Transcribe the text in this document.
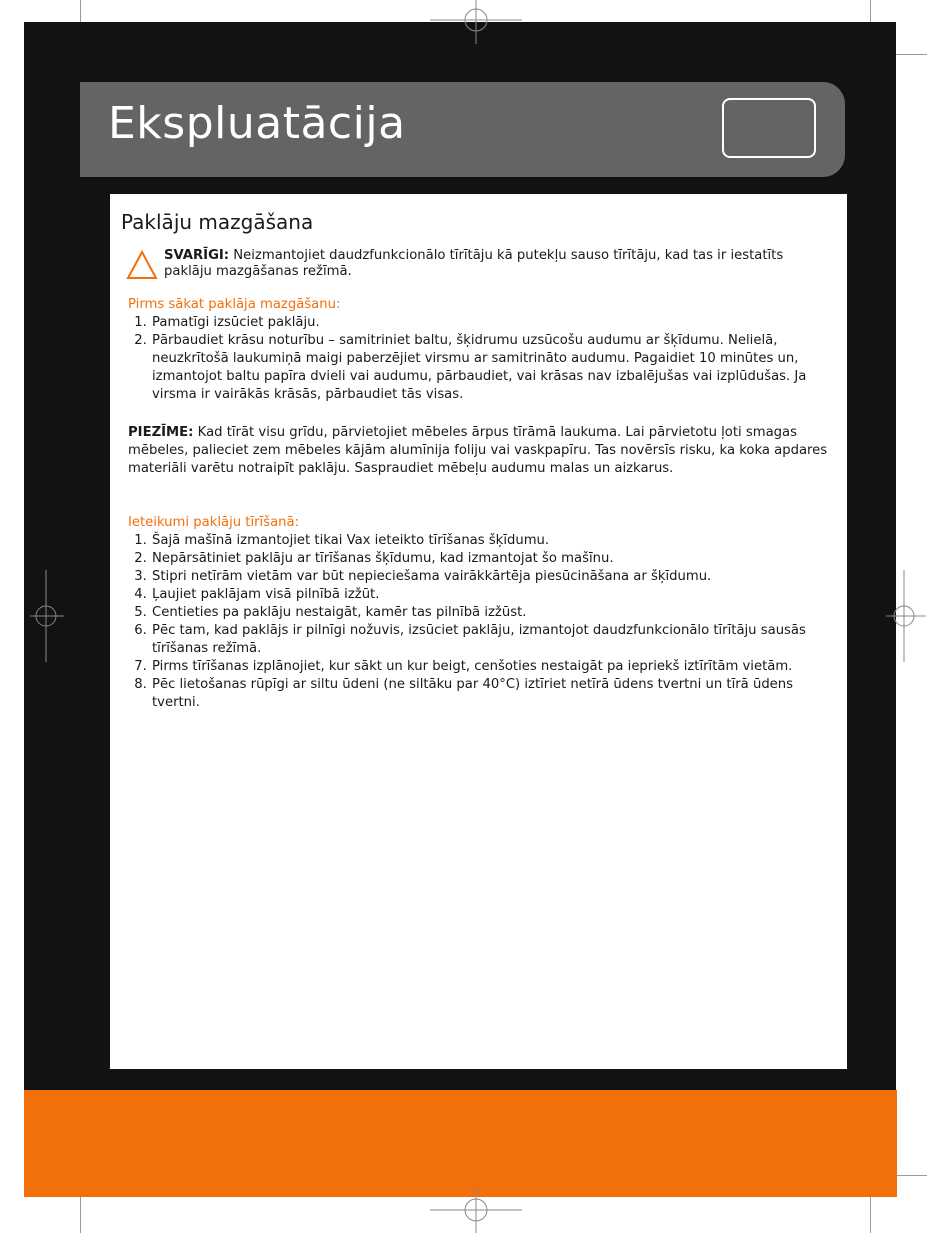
Ekspluatācija
Paklāju mazgāšana

SVARĪGI: Neizmantojiet daudzfunkcionālo tīrītāju kā putekļu sauso tīrītāju, kad tas ir iestatīts paklāju mazgāšanas režīmā.

Pirms sākat paklāja mazgāšanu:

1. Pamatīgi izsūciet paklāju.
2. Pārbaudiet krāsu noturību – samitriniet baltu, šķidrumu uzsūcošu audumu ar šķīdumu. Nelielā, neuzkrītošā laukumiņā maigi paberzējiet virsmu ar samitrināto audumu. Pagaidiet 10 minūtes un, izmantojot baltu papīra dvieli vai audumu, pārbaudiet, vai krāsas nav izbalējušas vai izplūdušas. Ja virsma ir vairākās krāsās, pārbaudiet tās visas.

PIEZĪME: Kad tīrāt visu grīdu, pārvietojiet mēbeles ārpus tīrāmā laukuma. Lai pārvietotu ļoti smagas mēbeles, palieciet zem mēbeles kājām alumīnija foliju vai vaskpapīru. Tas novērsīs risku, ka koka apdares materiāli varētu notraipīt paklāju. Saspraudiet mēbeļu audumu malas un aizkarus.

Ieteikumi paklāju tīrīšanā:

1. Šajā mašīnā izmantojiet tikai Vax ieteikto tīrīšanas šķīdumu.
2. Nepārsātiniet paklāju ar tīrīšanas šķīdumu, kad izmantojat šo mašīnu.
3. Stipri netīrām vietām var būt nepieciešama vairākkārtēja piesūcināšana ar šķīdumu.
4. Ļaujiet paklājam visā pilnībā izžūt.
5. Centieties pa paklāju nestaigāt, kamēr tas pilnībā izžūst.
6. Pēc tam, kad paklājs ir pilnīgi nožuvis, izsūciet paklāju, izmantojot daudzfunkcionālo tīrītāju sausās tīrīšanas režīmā.
7. Pirms tīrīšanas izplānojiet, kur sākt un kur beigt, cenšoties nestaigāt pa iepriekš iztīrītām vietām.
8. Pēc lietošanas rūpīgi ar siltu ūdeni (ne siltāku par 40°C) iztīriet netīrā ūdens tvertni un tīrā ūdens tvertni.
